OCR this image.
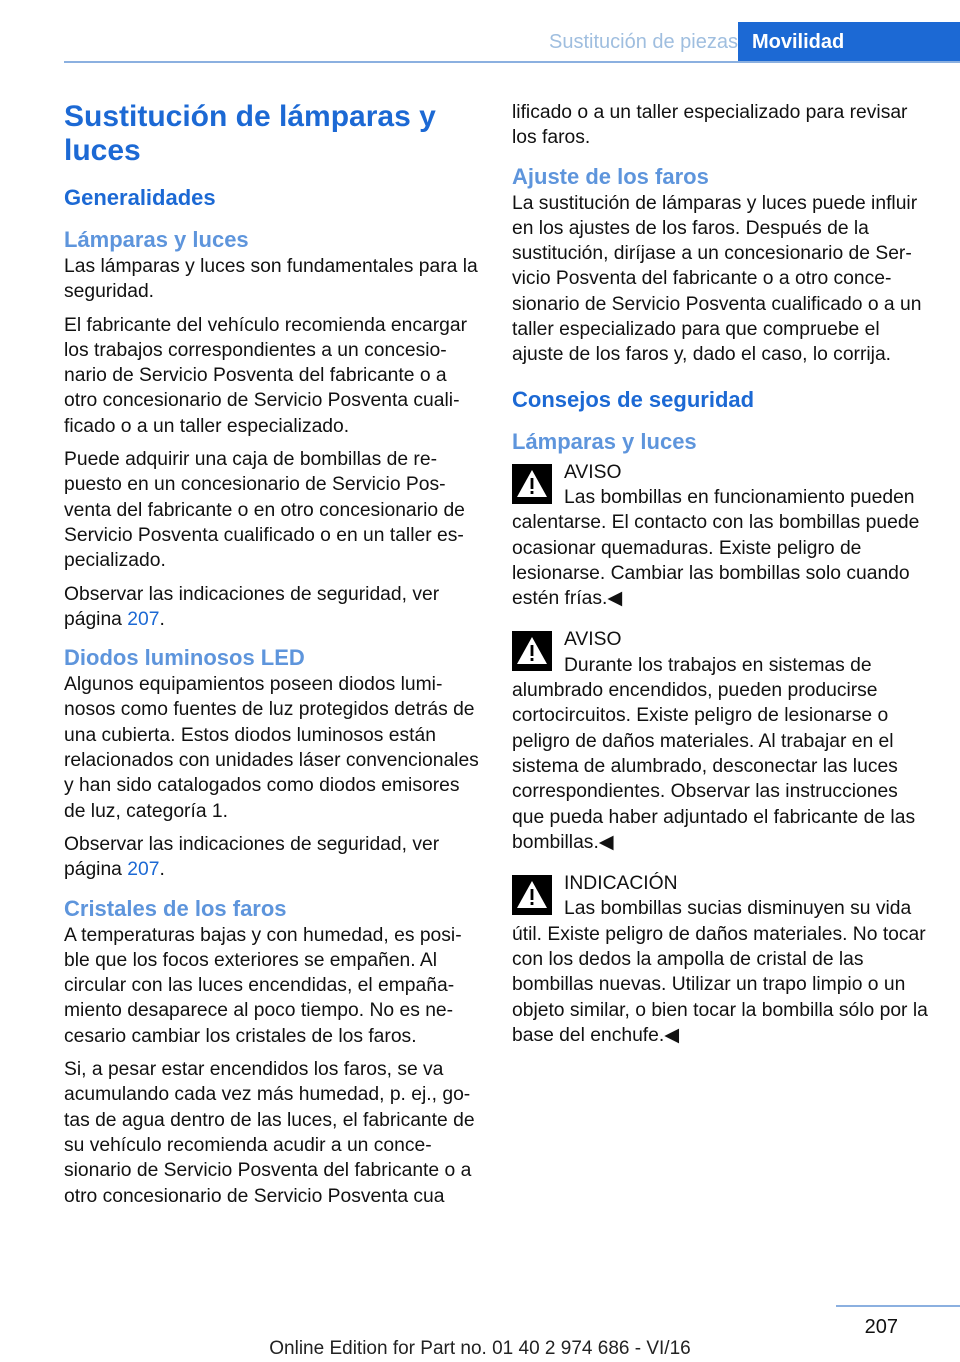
Sustitución de piezas Movilidad
Sustitución de lámparas y luces
Generalidades
Lámparas y luces

Las lámparas y luces son fundamentales para la seguridad.

El fabricante del vehículo recomienda encargar los trabajos correspondientes a un concesionario de Servicio Posventa del fabricante o a otro concesionario de Servicio Posventa cualificado o a un taller especializado.

Puede adquirir una caja de bombillas de repuesto en un concesionario de Servicio Posventa del fabricante o en otro concesionario de Servicio Posventa cualificado o en un taller especializado.

Observar las indicaciones de seguridad, ver página 207.

Diodos luminosos LED

Algunos equipamientos poseen diodos luminosos como fuentes de luz protegidos detrás de una cubierta. Estos diodos luminosos están relacionados con unidades láser convencionales y han sido catalogados como diodos emisores de luz, categoría 1.

Observar las indicaciones de seguridad, ver página 207.

Cristales de los faros

A temperaturas bajas y con humedad, es posible que los focos exteriores se empañen. Al circular con las luces encendidas, el empañamiento desaparece al poco tiempo. No es necesario cambiar los cristales de los faros.

Si, a pesar estar encendidos los faros, se va acumulando cada vez más humedad, p. ej., gotas de agua dentro de las luces, el fabricante de su vehículo recomienda acudir a un concesionario de Servicio Posventa del fabricante o a otro concesionario de Servicio Posventa cua

lificado o a un taller especializado para revisar los faros.

Ajuste de los faros

La sustitución de lámparas y luces puede influir en los ajustes de los faros. Después de la sustitución, diríjase a un concesionario de Servicio Posventa del fabricante o a otro concesionario de Servicio Posventa cualificado o a un taller especializado para que compruebe el ajuste de los faros y, dado el caso, lo corrija.

Consejos de seguridad
Lámparas y luces
AVISO
Las bombillas en funcionamiento pueden calentarse. El contacto con las bombillas puede ocasionar quemaduras. Existe peligro de lesionarse. Cambiar las bombillas solo cuando estén frías.◀
AVISO
Durante los trabajos en sistemas de alumbrado encendidos, pueden producirse cortocircuitos. Existe peligro de lesionarse o peligro de daños materiales. Al trabajar en el sistema de alumbrado, desconectar las luces correspondientes. Observar las instrucciones que pueda haber adjuntado el fabricante de las bombillas.◀
INDICACIÓN
Las bombillas sucias disminuyen su vida útil. Existe peligro de daños materiales. No tocar con los dedos la ampolla de cristal de las bombillas nuevas. Utilizar un trapo limpio o un objeto similar, o bien tocar la bombilla sólo por la base del enchufe.◀
207
Online Edition for Part no. 01 40 2 974 686 - VI/16
